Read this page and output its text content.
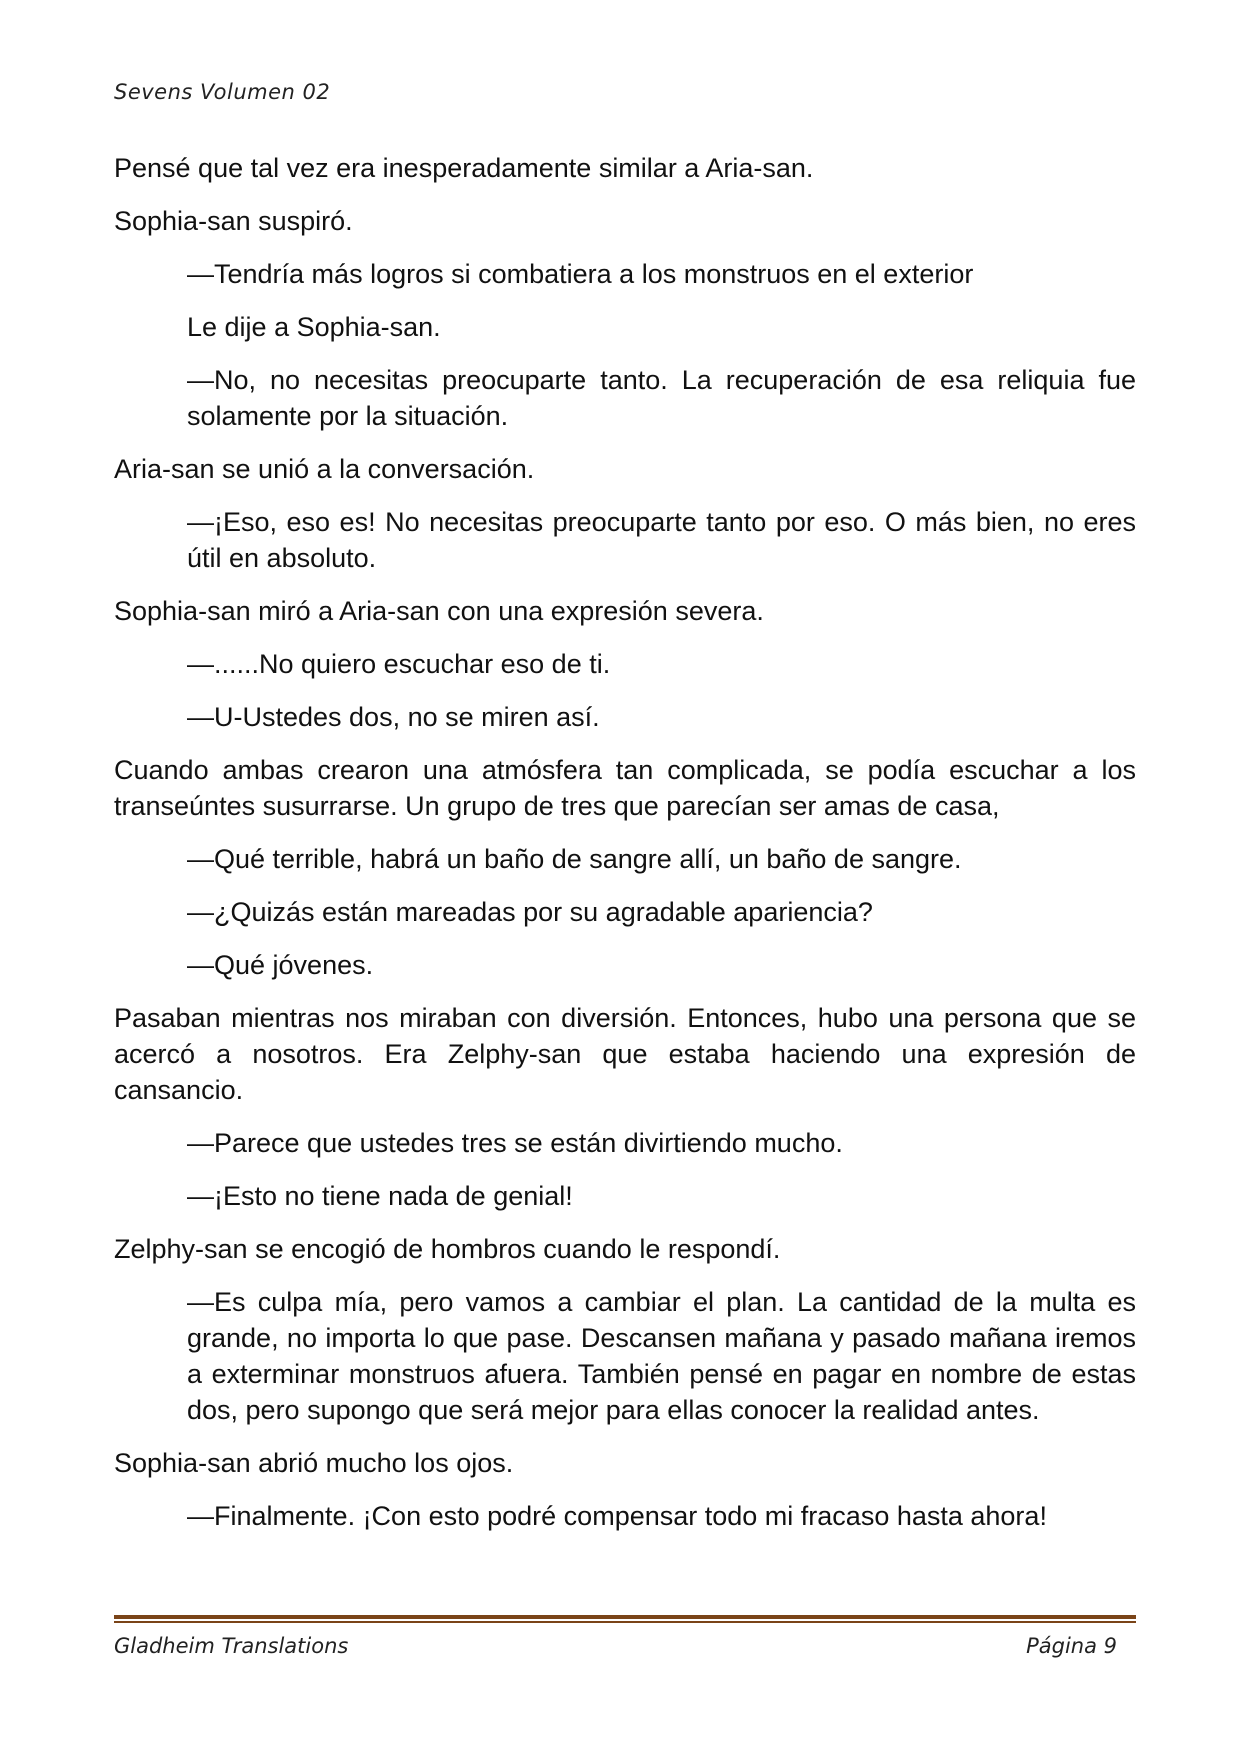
Sevens Volumen 02

Pensé que tal vez era inesperadamente similar a Aria-san.

Sophia-san suspiró.

—Tendría más logros si combatiera a los monstruos en el exterior

Le dije a Sophia-san.

—No, no necesitas preocuparte tanto. La recuperación de esa reliquia fue solamente por la situación.

Aria-san se unió a la conversación.

—¡Eso, eso es! No necesitas preocuparte tanto por eso. O más bien, no eres útil en absoluto.

Sophia-san miró a Aria-san con una expresión severa.

—......No quiero escuchar eso de ti.

—U-Ustedes dos, no se miren así.

Cuando ambas crearon una atmósfera tan complicada, se podía escuchar a los transeúntes susurrarse. Un grupo de tres que parecían ser amas de casa,

—Qué terrible, habrá un baño de sangre allí, un baño de sangre.

—¿Quizás están mareadas por su agradable apariencia?

—Qué jóvenes.

Pasaban mientras nos miraban con diversión. Entonces, hubo una persona que se acercó a nosotros. Era Zelphy-san que estaba haciendo una expresión de cansancio.

—Parece que ustedes tres se están divirtiendo mucho.

—¡Esto no tiene nada de genial!

Zelphy-san se encogió de hombros cuando le respondí.

—Es culpa mía, pero vamos a cambiar el plan. La cantidad de la multa es grande, no importa lo que pase. Descansen mañana y pasado mañana iremos a exterminar monstruos afuera. También pensé en pagar en nombre de estas dos, pero supongo que será mejor para ellas conocer la realidad antes.

Sophia-san abrió mucho los ojos.

—Finalmente. ¡Con esto podré compensar todo mi fracaso hasta ahora!

Gladheim Translations	Página 9
